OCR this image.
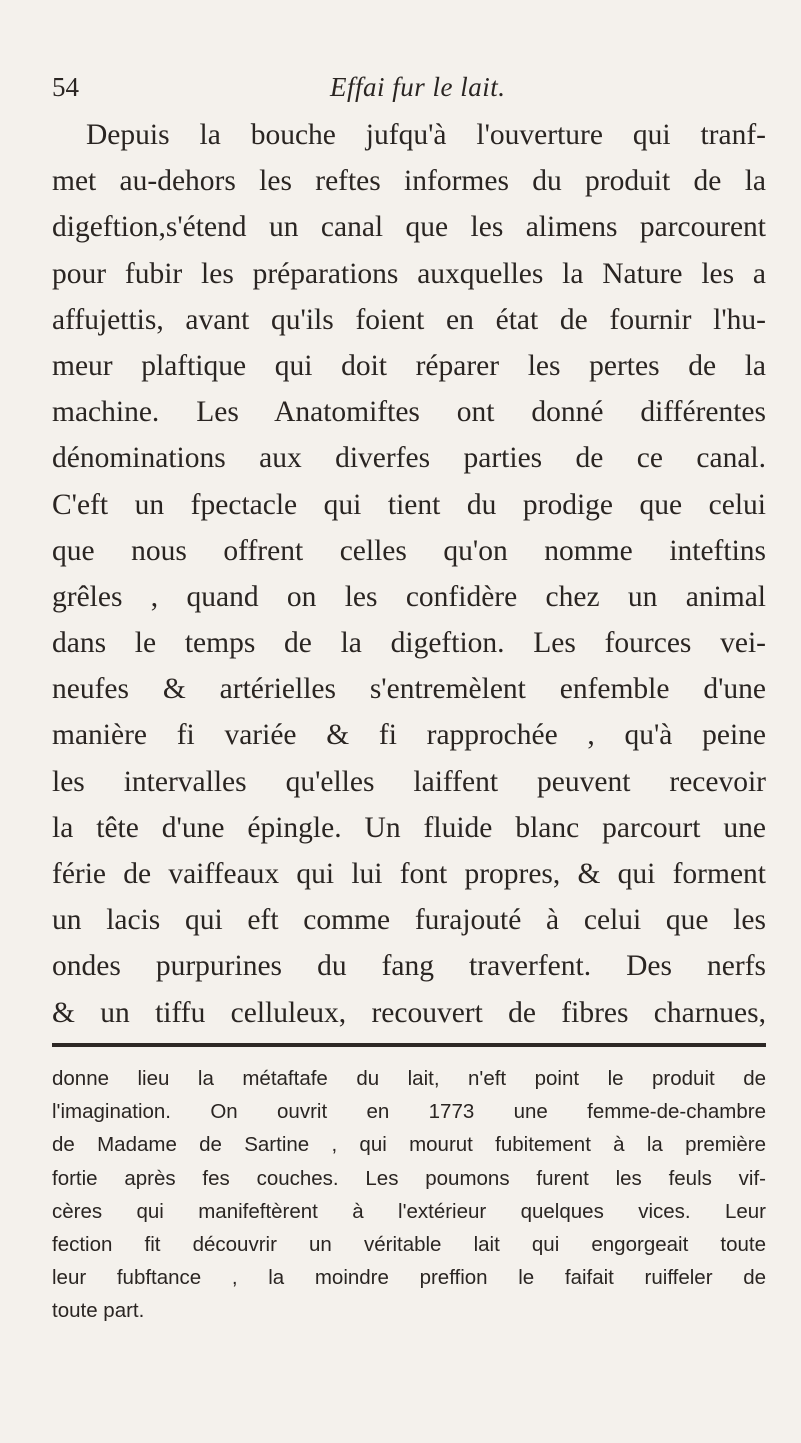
54	Effai fur le lait.
Depuis la bouche jufqu'à l'ouverture qui tranf-
met au-dehors les reftes informes du produit de la
digeftion,s'étend un canal que les alimens parcourent
pour fubir les préparations auxquelles la Nature les a
affujettis, avant qu'ils foient en état de fournir l'hu-
meur plaftique qui doit réparer les pertes de la
machine. Les Anatomiftes ont donné différentes
dénominations aux diverfes parties de ce canal.
C'eft un fpectacle qui tient du prodige que celui
que nous offrent celles qu'on nomme inteftins
grêles , quand on les confidère chez un animal
dans le temps de la digeftion. Les fources vei-
neufes & artérielles s'entremèlent enfemble d'une
manière fi variée & fi rapprochée , qu'à peine
les intervalles qu'elles laiffent peuvent recevoir
la tête d'une épingle. Un fluide blanc parcourt une
férie de vaiffeaux qui lui font propres, & qui forment
un lacis qui eft comme furajouté à celui que les
ondes purpurines du fang traverfent. Des nerfs
& un tiffu celluleux, recouvert de fibres charnues,
donne lieu la métaftafe du lait, n'eft point le produit de
l'imagination. On ouvrit en 1773 une femme-de-chambre
de Madame de Sartine , qui mourut fubitement à la première
fortie après fes couches. Les poumons furent les feuls vif-
cères qui manifeftèrent à l'extérieur quelques vices. Leur
fection fit découvrir un véritable lait qui engorgeait toute
leur fubftance , la moindre preffion le faifait ruiffeler de
toute part.
